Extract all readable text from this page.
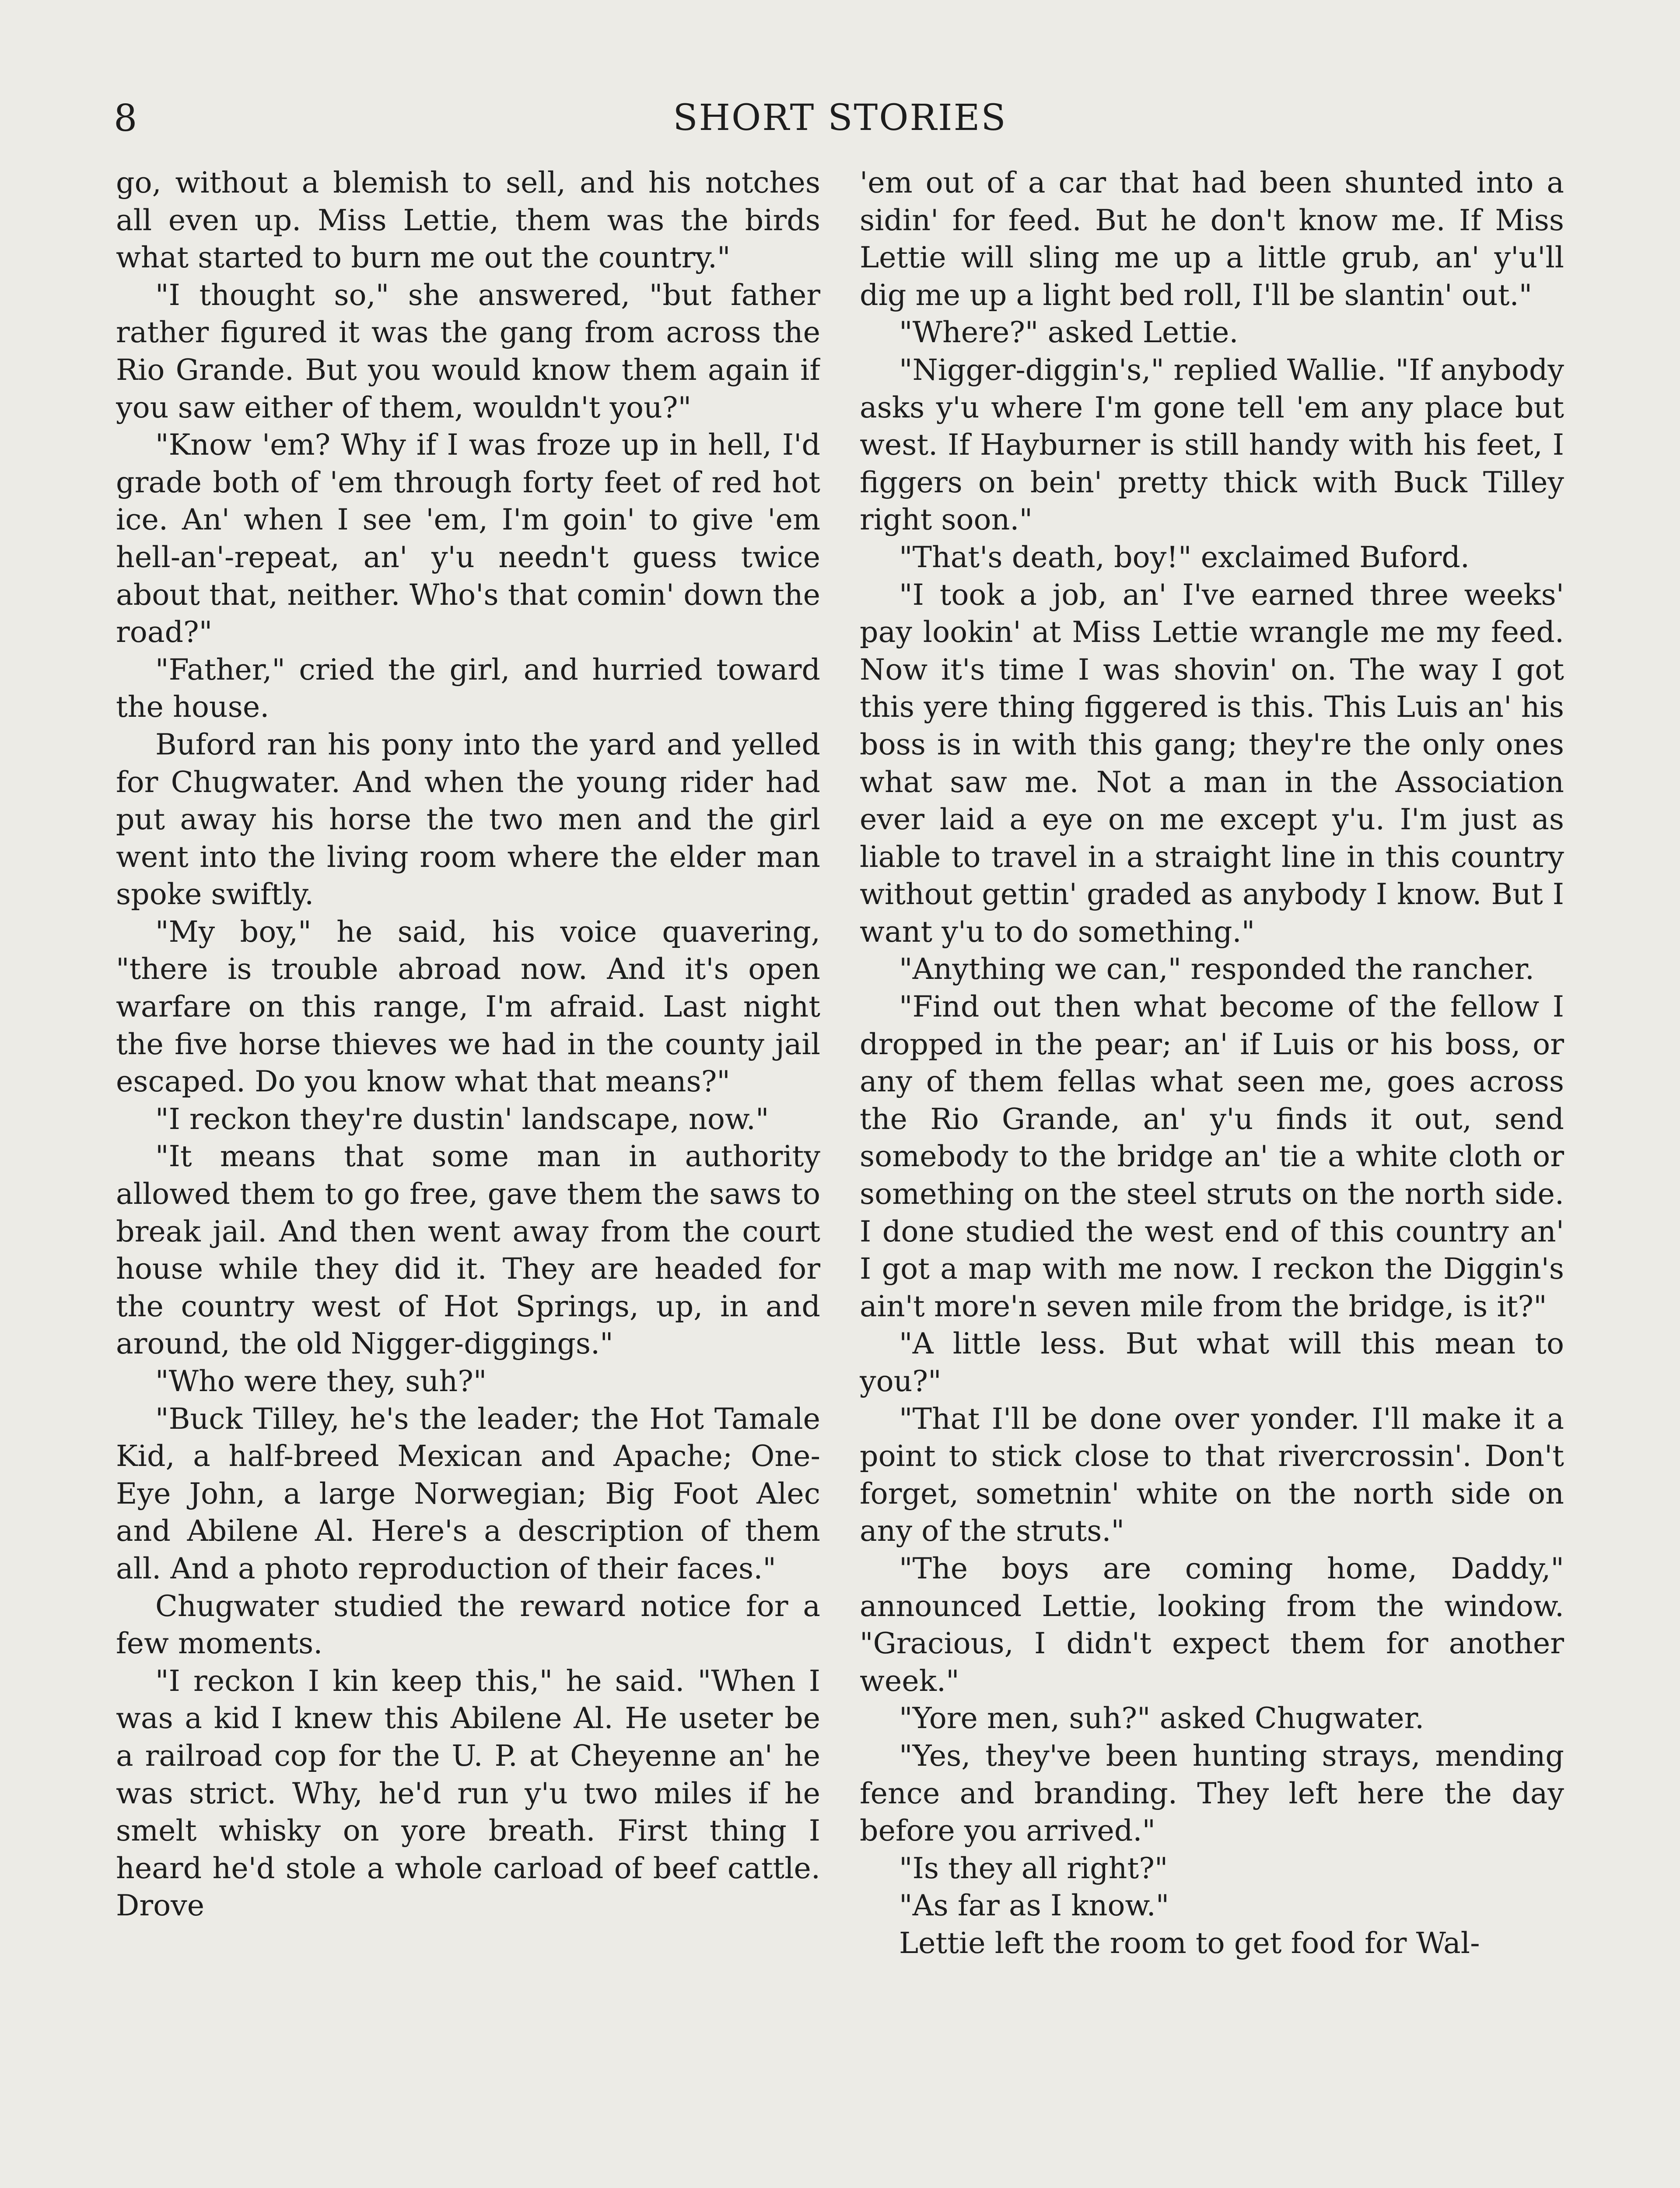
8	SHORT STORIES

go, without a blemish to sell, and his notches all even up. Miss Lettie, them was the birds what started to burn me out the country."

"I thought so," she answered, "but father rather figured it was the gang from across the Rio Grande. But you would know them again if you saw either of them, wouldn't you?"

"Know 'em? Why if I was froze up in hell, I'd grade both of 'em through forty feet of red hot ice. An' when I see 'em, I'm goin' to give 'em hell-an'-repeat, an' y'u needn't guess twice about that, neither. Who's that comin' down the road?"

"Father," cried the girl, and hurried toward the house.

Buford ran his pony into the yard and yelled for Chugwater. And when the young rider had put away his horse the two men and the girl went into the living room where the elder man spoke swiftly.

"My boy," he said, his voice quavering, "there is trouble abroad now. And it's open warfare on this range, I'm afraid. Last night the five horse thieves we had in the county jail escaped. Do you know what that means?"

"I reckon they're dustin' landscape, now."

"It means that some man in authority allowed them to go free, gave them the saws to break jail. And then went away from the court house while they did it. They are headed for the country west of Hot Springs, up, in and around, the old Nigger-diggings."

"Who were they, suh?"

"Buck Tilley, he's the leader; the Hot Tamale Kid, a half-breed Mexican and Apache; One-Eye John, a large Norwegian; Big Foot Alec and Abilene Al. Here's a description of them all. And a photo reproduction of their faces."

Chugwater studied the reward notice for a few moments.

"I reckon I kin keep this," he said. "When I was a kid I knew this Abilene Al. He useter be a railroad cop for the U. P. at Cheyenne an' he was strict. Why, he'd run y'u two miles if he smelt whisky on yore breath. First thing I heard he'd stole a whole carload of beef cattle. Drove

'em out of a car that had been shunted into a sidin' for feed. But he don't know me. If Miss Lettie will sling me up a little grub, an' y'u'll dig me up a light bed roll, I'll be slantin' out."

"Where?" asked Lettie.

"Nigger-diggin's," replied Wallie. "If anybody asks y'u where I'm gone tell 'em any place but west. If Hayburner is still handy with his feet, I figgers on bein' pretty thick with Buck Tilley right soon."

"That's death, boy!" exclaimed Buford.

"I took a job, an' I've earned three weeks' pay lookin' at Miss Lettie wrangle me my feed. Now it's time I was shovin' on. The way I got this yere thing figgered is this. This Luis an' his boss is in with this gang; they're the only ones what saw me. Not a man in the Association ever laid a eye on me except y'u. I'm just as liable to travel in a straight line in this country without gettin' graded as anybody I know. But I want y'u to do something."

"Anything we can," responded the rancher.

"Find out then what become of the fellow I dropped in the pear; an' if Luis or his boss, or any of them fellas what seen me, goes across the Rio Grande, an' y'u finds it out, send somebody to the bridge an' tie a white cloth or something on the steel struts on the north side. I done studied the west end of this country an' I got a map with me now. I reckon the Diggin's ain't more'n seven mile from the bridge, is it?"

"A little less. But what will this mean to you?"

"That I'll be done over yonder. I'll make it a point to stick close to that rivercrossin'. Don't forget, sometnin' white on the north side on any of the struts."

"The boys are coming home, Daddy," announced Lettie, looking from the window. "Gracious, I didn't expect them for another week."

"Yore men, suh?" asked Chugwater.

"Yes, they've been hunting strays, mending fence and branding. They left here the day before you arrived."

"Is they all right?"

"As far as I know."

Lettie left the room to get food for Wal-
